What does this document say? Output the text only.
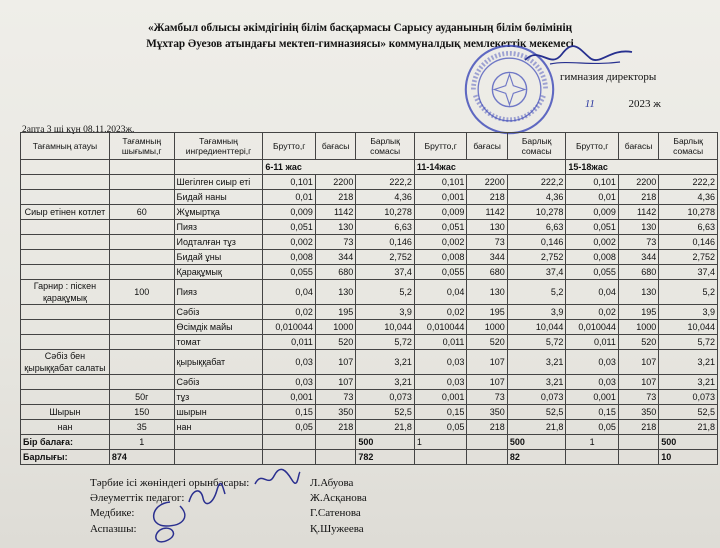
«Жамбыл облысы әкімдігінің білім басқармасы Сарысу ауданының білім бөлімінің
Мұхтар Әуезов атындағы мектеп-гимназиясы» коммуналдық мемлекеттік мекемесі
гимназия директоры
11	2023 ж
2апта 3 ші күн 08.11.2023ж.
Тағамның атауы	Тағамның шығымы,г	Тағамның ингредиенттері,г	Брутто,г	бағасы	Барлық сомасы	Брутто,г	бағасы	Барлық сомасы	Брутто,г	бағасы	Барлық сомасы
			6-11 жас			11-14жас			15-18жас		
		Шегілген сиыр еті	0,101	2200	222,2	0,101	2200	222,2	0,101	2200	222,2
		Бидай наны	0,01	218	4,36	0,001	218	4,36	0,01	218	4,36
Сиыр етінен котлет	60	Жұмыртқа	0,009	1142	10,278	0,009	1142	10,278	0,009	1142	10,278
		Пияз	0,051	130	6,63	0,051	130	6,63	0,051	130	6,63
		Иодталған тұз	0,002	73	0,146	0,002	73	0,146	0,002	73	0,146
		Бидай ұны	0,008	344	2,752	0,008	344	2,752	0,008	344	2,752
		Қарақұмық	0,055	680	37,4	0,055	680	37,4	0,055	680	37,4
Гарнир : піскен қарақұмық	100	Пияз	0,04	130	5,2	0,04	130	5,2	0,04	130	5,2
		Сәбіз	0,02	195	3,9	0,02	195	3,9	0,02	195	3,9
		Өсімдік майы	0,010044	1000	10,044	0,010044	1000	10,044	0,010044	1000	10,044
		томат	0,011	520	5,72	0,011	520	5,72	0,011	520	5,72
Сәбіз бен қырыққабат салаты		қырыққабат	0,03	107	3,21	0,03	107	3,21	0,03	107	3,21
		Сәбіз	0,03	107	3,21	0,03	107	3,21	0,03	107	3,21
	50г	тұз	0,001	73	0,073	0,001	73	0,073	0,001	73	0,073
Шырын	150	шырын	0,15	350	52,5	0,15	350	52,5	0,15	350	52,5
нан	35	нан	0,05	218	21,8	0,05	218	21,8	0,05	218	21,8
Бір балаға:	1				500	1		500	1		500
Барлығы:	874				782			82			10
Тәрбие ісі жөніндегі орынбасары:	Л.Абуова
Әлеуметтік педагог:	Ж.Асқанова
Медбике:	Г.Сатенова
Аспазшы:	Қ.Шужеева
